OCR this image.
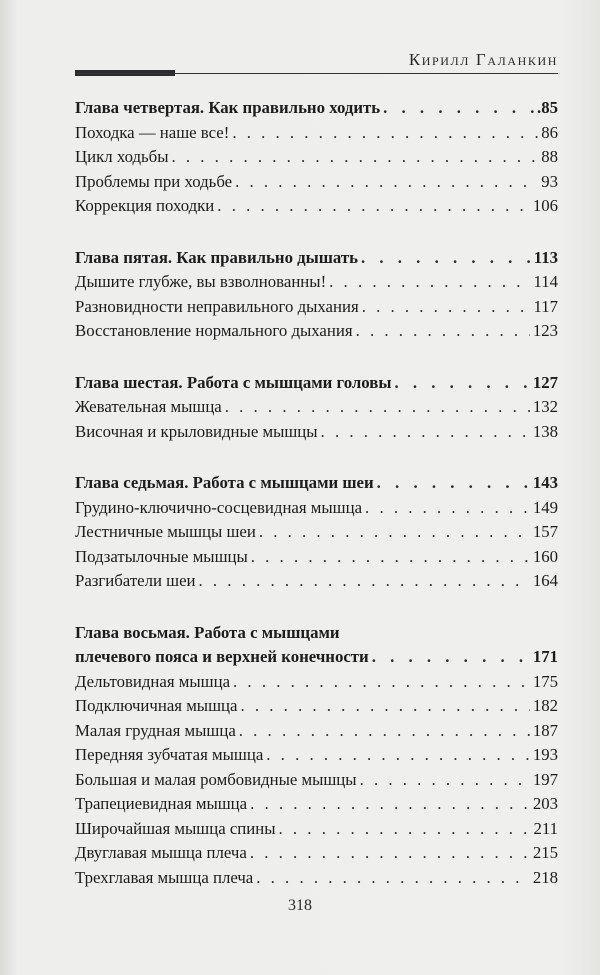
Кирилл Галанкин
Глава четвертая. Как правильно ходить . . .	.85
Походка — наше все! . . .	86
Цикл ходьбы . . .	88
Проблемы при ходьбе . . .	93
Коррекция походки . . .	106
Глава пятая. Как правильно дышать . . .	113
Дышите глубже, вы взволнованны! . . .	114
Разновидности неправильного дыхания . . .	117
Восстановление нормального дыхания . . .	123
Глава шестая. Работа с мышцами головы . . .	127
Жевательная мышца . . .	132
Височная и крыловидные мышцы . . .	138
Глава седьмая. Работа с мышцами шеи . . .	143
Грудино-ключично-сосцевидная мышца . . .	149
Лестничные мышцы шеи . . .	157
Подзатылочные мышцы . . .	160
Разгибатели шеи . . .	164
Глава восьмая. Работа с мышцами
плечевого пояса и верхней конечности . . .	171
Дельтовидная мышца . . .	175
Подключичная мышца . . .	182
Малая грудная мышца . . .	187
Передняя зубчатая мышца . . .	193
Большая и малая ромбовидные мышцы . . .	197
Трапециевидная мышца . . .	203
Широчайшая мышца спины . . .	211
Двуглавая мышца плеча . . .	215
Трехглавая мышца плеча . . .	218
318
